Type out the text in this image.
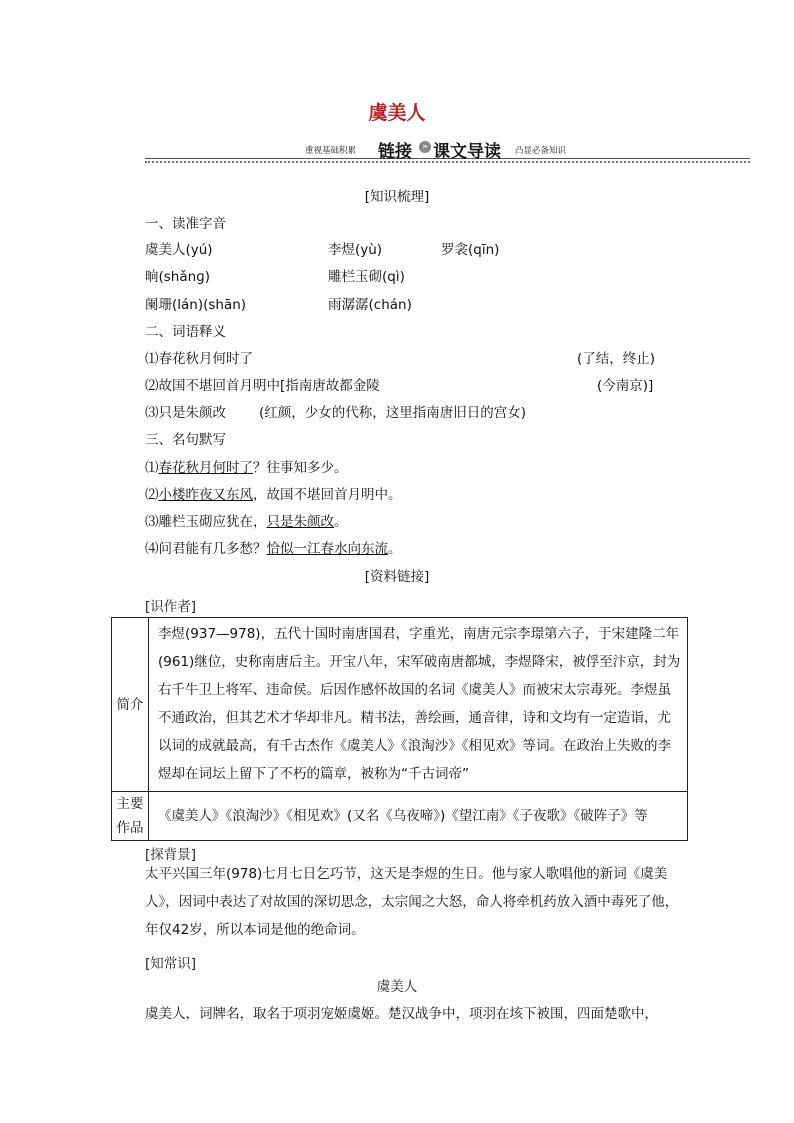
虞美人
重视基础积累 链接	» 课文导读 凸显必备知识
[知识梳理]
一、读准字音
虞美人(yú)	李煜(yù)	罗衾(qīn)
晌(shǎnɡ)	雕栏玉砌(qì)
阑珊(lán)(shān)	雨潺潺(chán)
二、词语释义
⑴春花秋月何时了	(了结，终止)
⑵故国不堪回首月明中[指南唐故都金陵	(今南京)]
⑶只是朱颜改 (红颜，少女的代称，这里指南唐旧日的宫女)
三、名句默写
⑴春花秋月何时了？往事知多少。
⑵小楼昨夜又东风，故国不堪回首月明中。
⑶雕栏玉砌应犹在，只是朱颜改。
⑷问君能有几多愁？恰似一江春水向东流。
[资料链接]
[识作者]
简介	李煜(937—978)，五代十国时南唐国君，字重光，南唐元宗李璟第六子，于宋建隆二年(961)继位，史称南唐后主。开宝八年，宋军破南唐都城，李煜降宋，被俘至汴京，封为右千牛卫上将军、违命侯。后因作感怀故国的名词《虞美人》而被宋太宗毒死。李煜虽不通政治，但其艺术才华却非凡。精书法，善绘画，通音律，诗和文均有一定造诣，尤以词的成就最高，有千古杰作《虞美人》《浪淘沙》《相见欢》等词。在政治上失败的李煜却在词坛上留下了不朽的篇章，被称为“千古词帝”
主要作品	《虞美人》《浪淘沙》《相见欢》(又名《乌夜啼》)《望江南》《子夜歌》《破阵子》等
[探背景]
太平兴国三年(978)七月七日乞巧节，这天是李煜的生日。他与家人歌唱他的新词《虞美人》，因词中表达了对故国的深切思念，太宗闻之大怒，命人将牵机药放入酒中毒死了他，年仅42岁，所以本词是他的绝命词。
[知常识]
虞美人
虞美人，词牌名，取名于项羽宠姬虞姬。楚汉战争中，项羽在垓下被围，四面楚歌中，
